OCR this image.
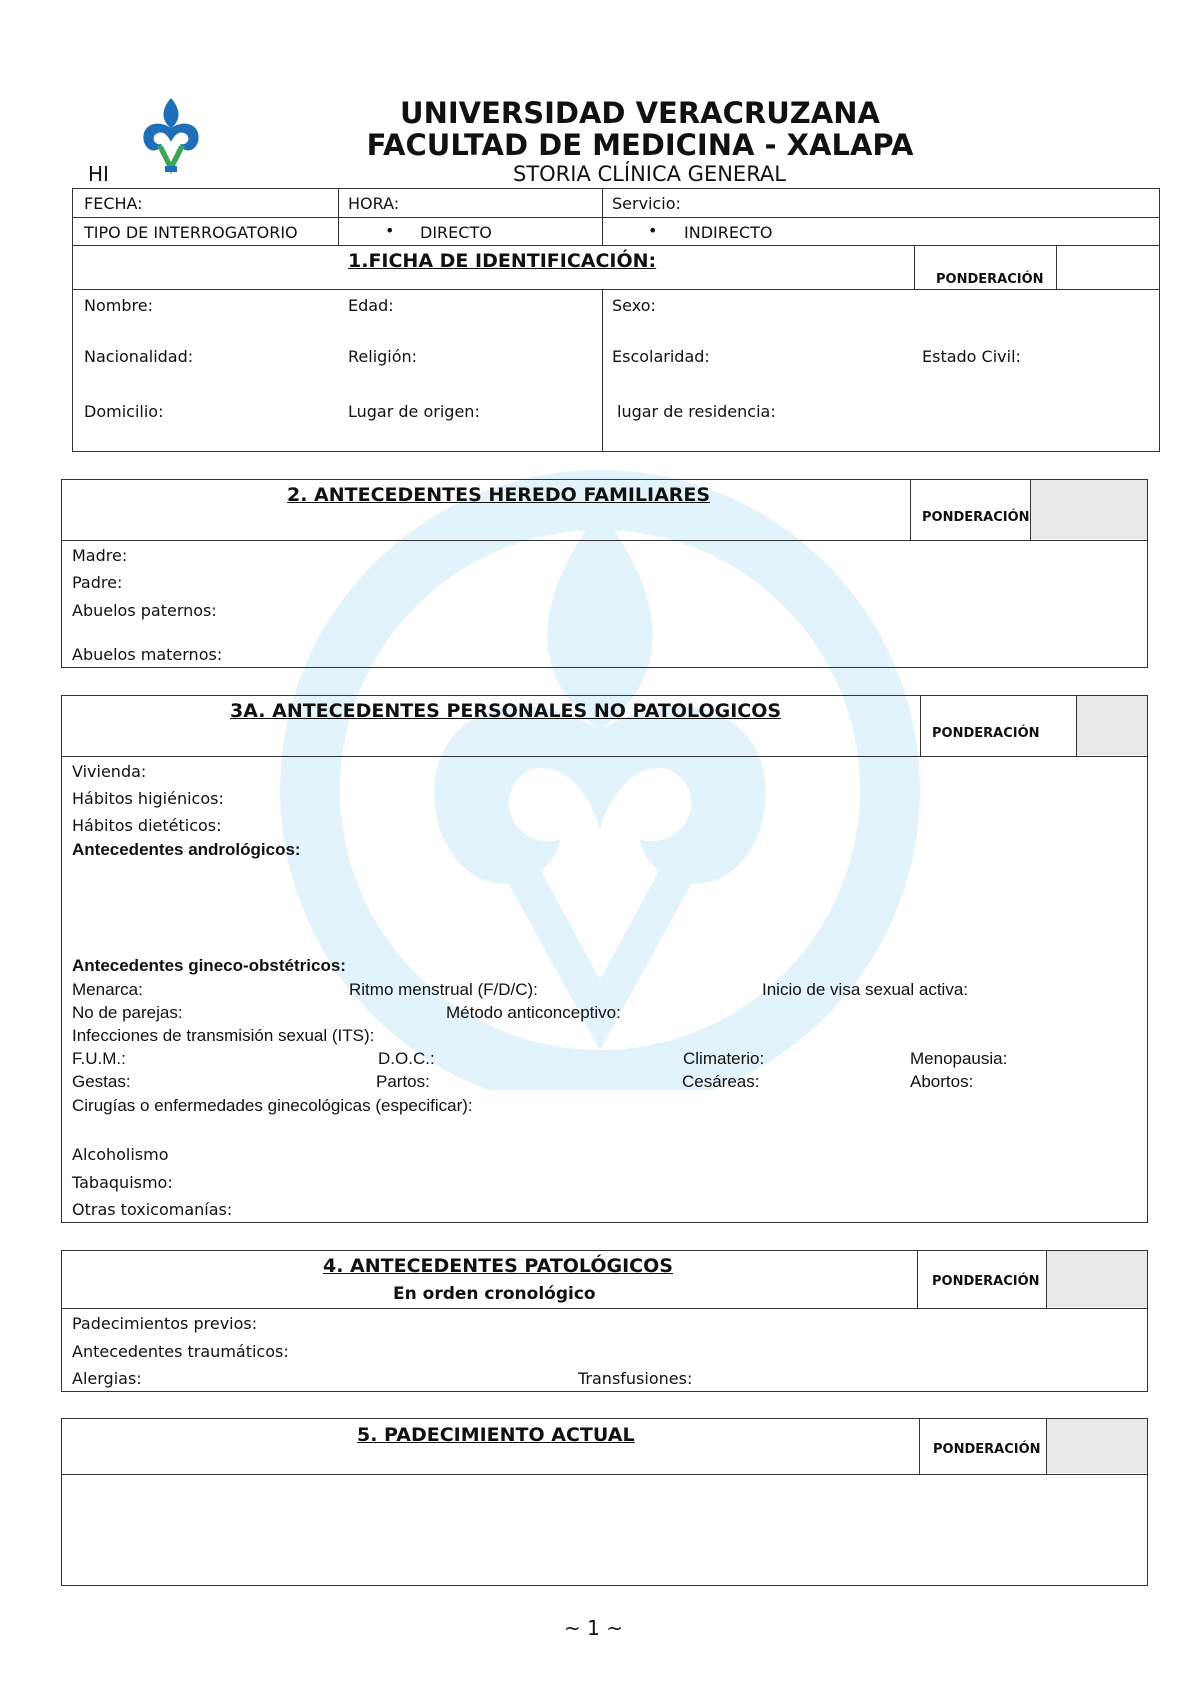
UNIVERSIDAD VERACRUZANA
FACULTAD DE MEDICINA - XALAPA
HI	STORIA CLÍNICA GENERAL
FECHA:	HORA:	Servicio:
TIPO DE INTERROGATORIO	• DIRECTO	• INDIRECTO
1.FICHA DE IDENTIFICACIÓN:
PONDERACIÓN
Nombre:	Edad:	Sexo:
Nacionalidad:	Religión:	Escolaridad:	Estado Civil:
Domicilio:	Lugar de origen:	lugar de residencia:
2. ANTECEDENTES HEREDO FAMILIARES
PONDERACIÓN
Madre:
Padre:
Abuelos paternos:
Abuelos maternos:
3A. ANTECEDENTES PERSONALES NO PATOLOGICOS
PONDERACIÓN
Vivienda:
Hábitos higiénicos:
Hábitos dietéticos:
Antecedentes andrológicos:
Antecedentes gineco-obstétricos:
Menarca:	Ritmo menstrual (F/D/C):	Inicio de visa sexual activa:
No de parejas:	Método anticonceptivo:
Infecciones de transmisión sexual (ITS):
F.U.M.:	D.O.C.:	Climaterio:	Menopausia:
Gestas:	Partos:	Cesáreas:	Abortos:
Cirugías o enfermedades ginecológicas (especificar):
Alcoholismo
Tabaquismo:
Otras toxicomanías:
4. ANTECEDENTES PATOLÓGICOS
En orden cronológico
PONDERACIÓN
Padecimientos previos:
Antecedentes traumáticos:
Alergias:	Transfusiones:
5. PADECIMIENTO ACTUAL
PONDERACIÓN
~ 1 ~
